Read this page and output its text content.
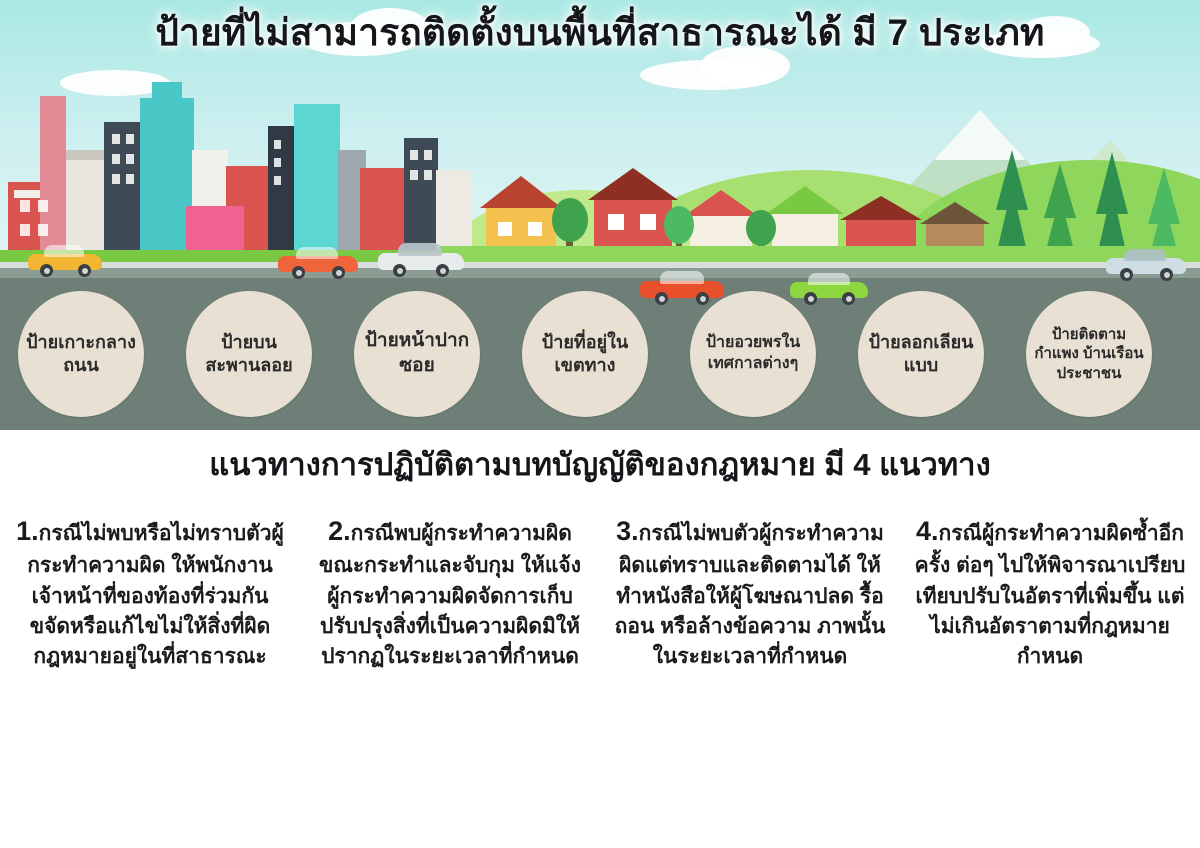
ป้ายที่ไม่สามารถติดตั้งบนพื้นที่สาธารณะได้ มี 7 ประเภท
ป้ายเกาะกลางถนน
ป้ายบนสะพานลอย
ป้ายหน้าปากซอย
ป้ายที่อยู่ในเขตทาง
ป้ายอวยพรในเทศกาลต่างๆ
ป้ายลอกเลียนแบบ
ป้ายติดตามกำแพง บ้านเรือนประชาชน
แนวทางการปฏิบัติตามบทบัญญัติของกฎหมาย มี 4 แนวทาง

1.กรณีไม่พบหรือไม่ทราบตัวผู้กระทำความผิด ให้พนักงานเจ้าหน้าที่ของท้องที่ร่วมกันขจัดหรือแก้ไขไม่ให้สิ่งที่ผิดกฎหมายอยู่ในที่สาธารณะ

2.กรณีพบผู้กระทำความผิดขณะกระทำและจับกุม ให้แจ้งผู้กระทำความผิดจัดการเก็บ ปรับปรุงสิ่งที่เป็นความผิดมิให้ปรากฏในระยะเวลาที่กำหนด

3.กรณีไม่พบตัวผู้กระทำความผิดแต่ทราบและติดตามได้ ให้ทำหนังสือให้ผู้โฆษณาปลด รื้อ ถอน หรือล้างข้อความ ภาพนั้นในระยะเวลาที่กำหนด

4.กรณีผู้กระทำความผิดซ้ำอีกครั้ง ต่อๆ ไปให้พิจารณาเปรียบเทียบปรับในอัตราที่เพิ่มขึ้น แต่ไม่เกินอัตราตามที่กฎหมายกำหนด
